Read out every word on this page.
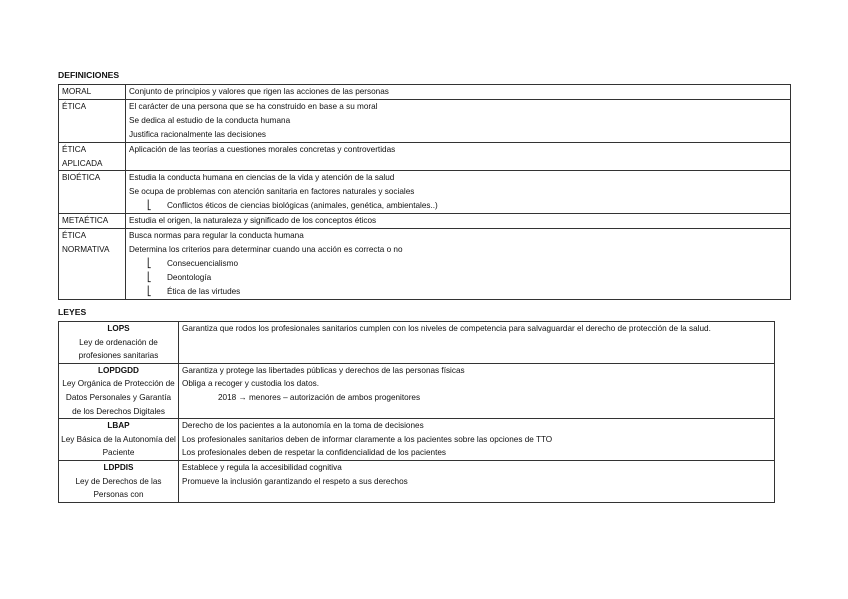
DEFINICIONES
MORAL	Conjunto de principios y valores que rigen las acciones de las personas

ÉTICA	El carácter de una persona que se ha construido en base a su moral
Se dedica al estudio de la conducta humana
Justifica racionalmente las decisiones

ÉTICA APLICADA	Aplicación de las teorías a cuestiones morales concretas y controvertidas

BIOÉTICA	Estudia la conducta humana en ciencias de la vida y atención de la salud
Se ocupa de problemas con atención sanitaria en factores naturales y sociales
⎣ Conflictos éticos de ciencias biológicas (animales, genética, ambientales..)

METAÉTICA	Estudia el origen, la naturaleza y significado de los conceptos éticos

ÉTICA NORMATIVA	Busca normas para regular la conducta humana
Determina los criterios para determinar cuando una acción es correcta o no
⎣ Consecuencialismo
⎣ Deontología
⎣ Ética de las virtudes
LEYES
LOPS
Ley de ordenación de profesiones sanitarias	Garantiza que rodos los profesionales sanitarios cumplen con los niveles de competencia para salvaguardar el derecho de protección de la salud.

LOPDGDD
Ley Orgánica de Protección de Datos Personales y Garantía de los Derechos Digitales	Garantiza y protege las libertades públicas y derechos de las personas físicas
Obliga a recoger y custodia los datos.
2018 → menores – autorización de ambos progenitores

LBAP
Ley Básica de la Autonomía del Paciente	Derecho de los pacientes a la autonomía en la toma de decisiones
Los profesionales sanitarios deben de informar claramente a los pacientes sobre las opciones de TTO
Los profesionales deben de respetar la confidencialidad de los pacientes

LDPDIS
Ley de Derechos de las Personas con	Establece y regula la accesibilidad cognitiva
Promueve la inclusión garantizando el respeto a sus derechos
